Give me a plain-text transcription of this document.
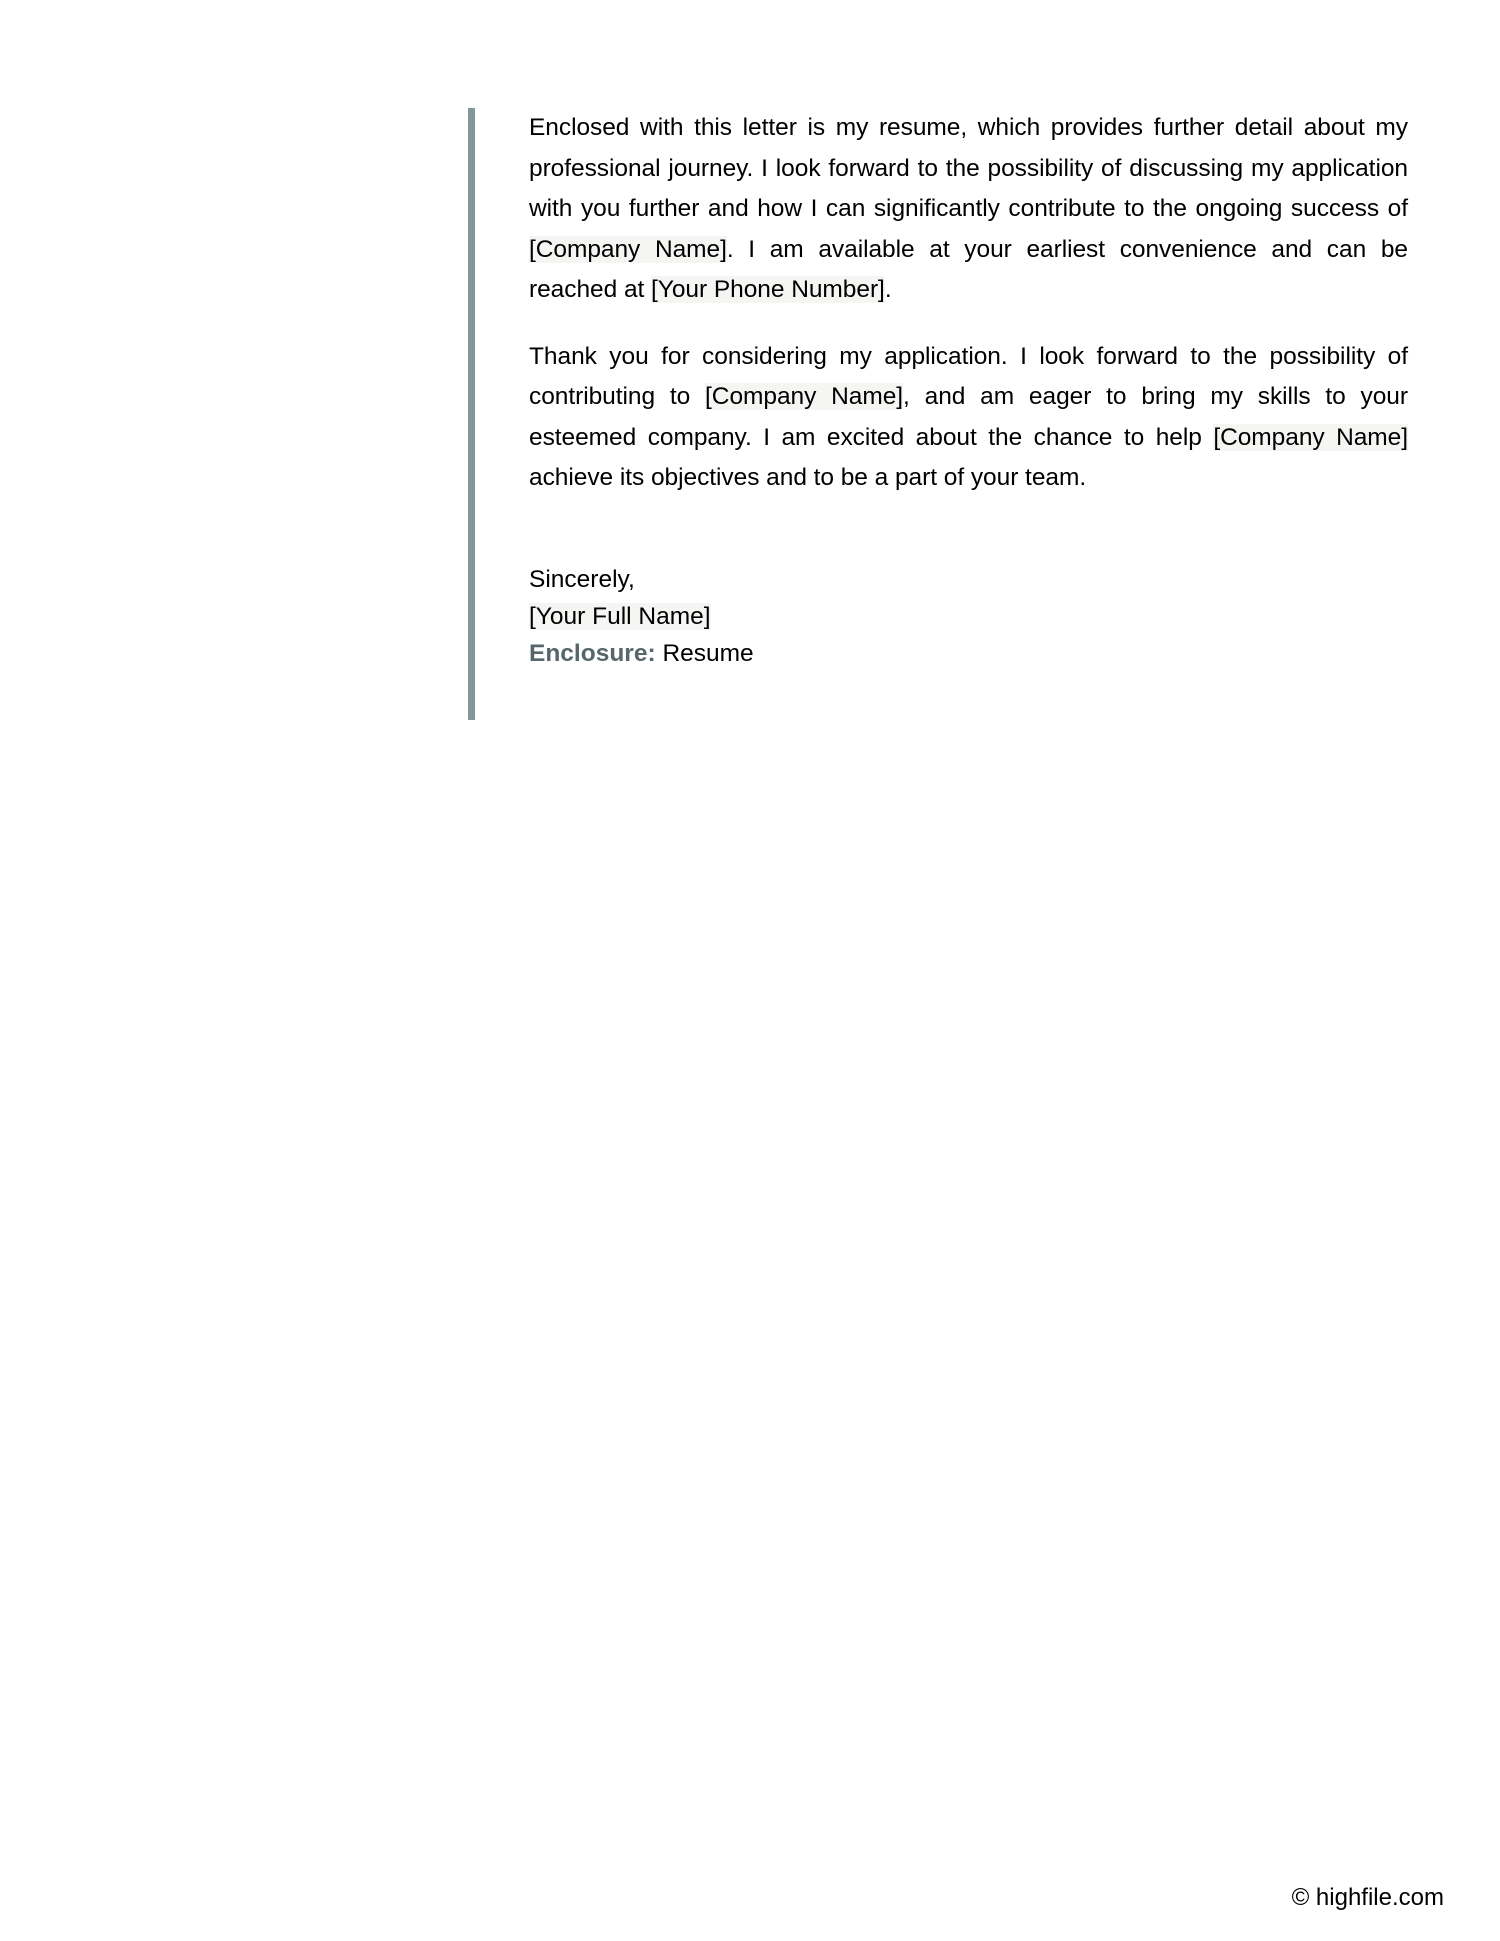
Enclosed with this letter is my resume, which provides further detail about my professional journey. I look forward to the possibility of discussing my application with you further and how I can significantly contribute to the ongoing success of [Company Name]. I am available at your earliest convenience and can be reached at [Your Phone Number].

Thank you for considering my application. I look forward to the possibility of contributing to [Company Name], and am eager to bring my skills to your esteemed company. I am excited about the chance to help [Company Name] achieve its objectives and to be a part of your team.

Sincerely,
[Your Full Name]
Enclosure: Resume
© highfile.com
